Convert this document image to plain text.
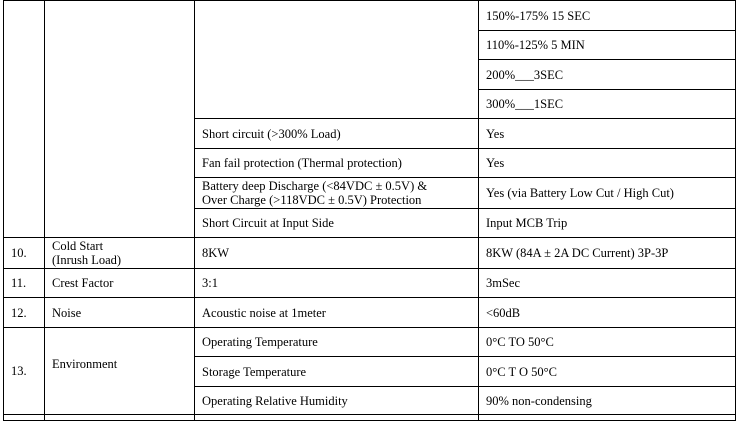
			150%-175% 15 SEC
			110%-125% 5 MIN
			200%___3SEC
			300%___1SEC
		Short circuit (>300% Load)	Yes
		Fan fail protection (Thermal protection)	Yes

		Battery deep Discharge (<84VDC ± 0.5V) &
Over Charge (>118VDC ± 0.5V) Protection	Yes (via Battery Low Cut / High Cut)
		Short Circuit at Input Side	Input MCB Trip
10.	Cold Start
(Inrush Load)	8KW	8KW (84A ± 2A DC Current) 3P-3P
11.	Crest Factor	3:1	3mSec
12.	Noise	Acoustic noise at 1meter	<60dB
13.	Environment	Operating Temperature	0°C TO 50°C
		Storage Temperature	0°C T O 50°C
		Operating Relative Humidity	90% non-condensing
